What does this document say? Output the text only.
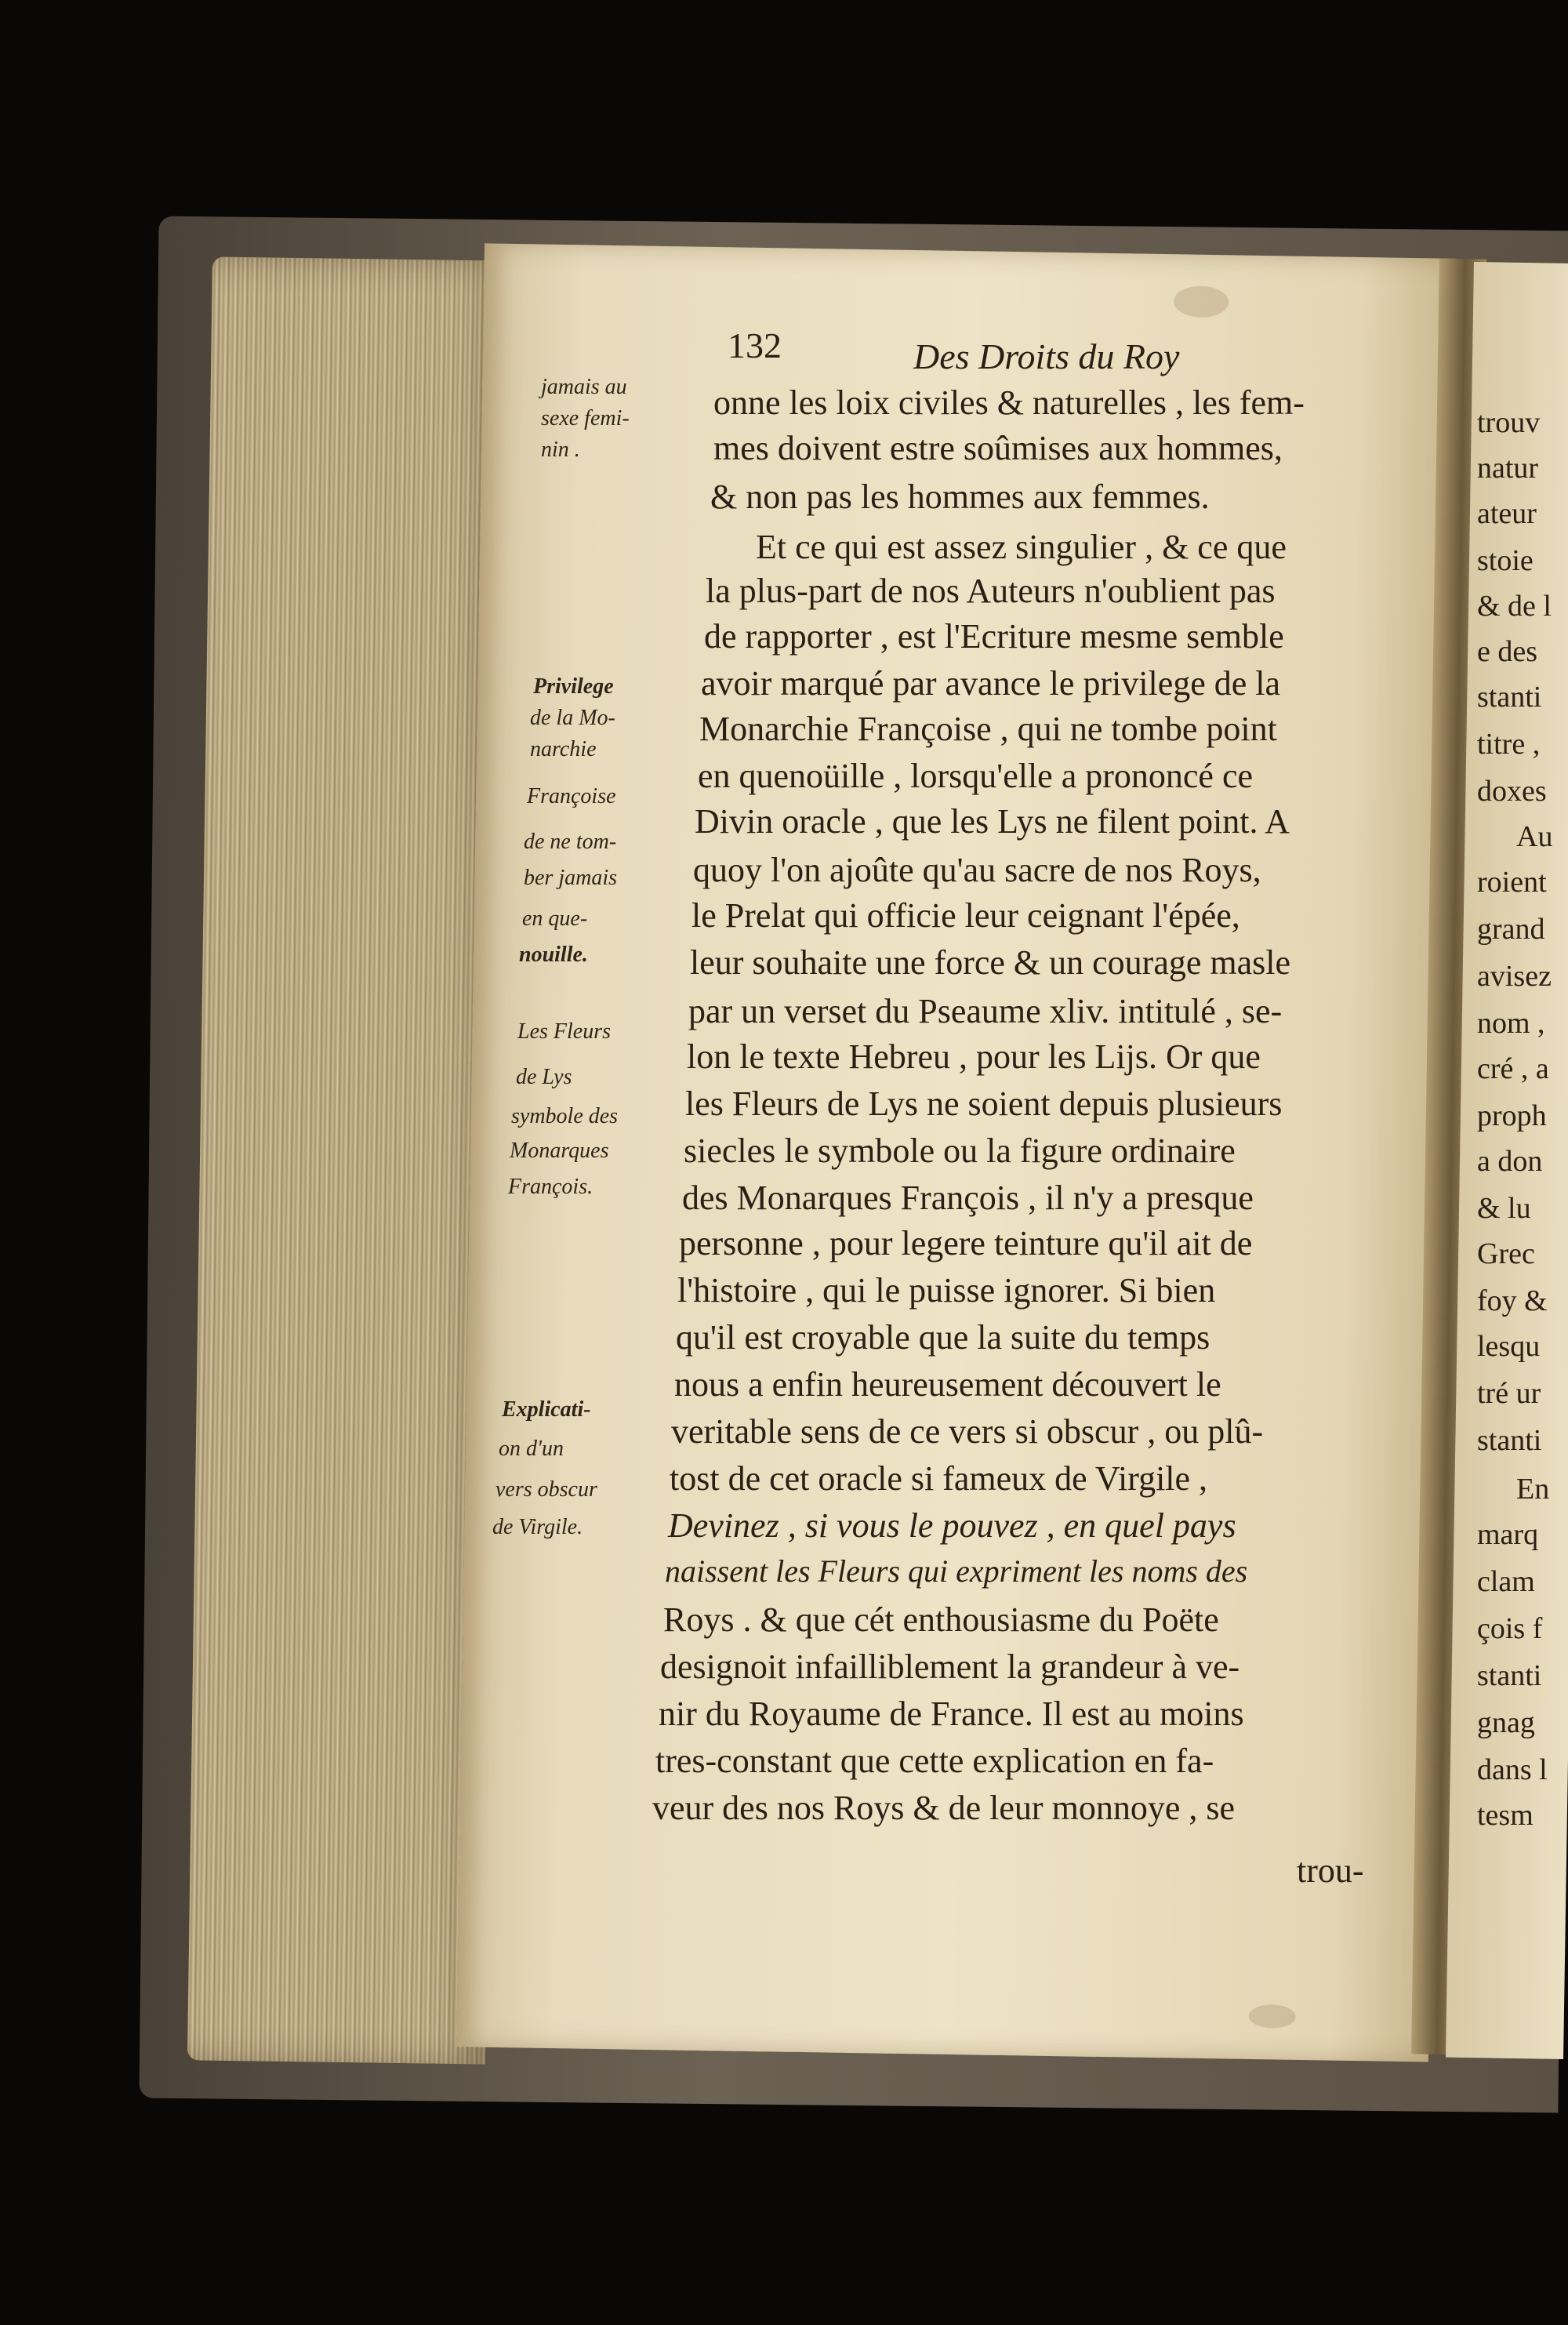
132	Des Droits du Roy
jamais au
sexe femi-
nin .
Privilege
de la Mo-
narchie
Françoise
de ne tom-
ber jamais
en que-
nouille.
Les Fleurs
de Lys
symbole des
Monarques
François.
Explicati-
on d'un
vers obscur
de Virgile.
onne les loix civiles & naturelles , les fem-
mes doivent estre soûmises aux hommes,
& non pas les hommes aux femmes.
Et ce qui est assez singulier , & ce que
la plus-part de nos Auteurs n'oublient pas
de rapporter , est l'Ecriture mesme semble
avoir marqué par avance le privilege de la
Monarchie Françoise , qui ne tombe point
en quenoüille , lorsqu'elle a prononcé ce
Divin oracle , que les Lys ne filent point. A
quoy l'on ajoûte qu'au sacre de nos Roys,
le Prelat qui officie leur ceignant l'épée,
leur souhaite une force & un courage masle
par un verset du Pseaume xliv. intitulé , se-
lon le texte Hebreu , pour les Lijs. Or que
les Fleurs de Lys ne soient depuis plusieurs
siecles le symbole ou la figure ordinaire
des Monarques François , il n'y a presque
personne , pour legere teinture qu'il ait de
l'histoire , qui le puisse ignorer. Si bien
qu'il est croyable que la suite du temps
nous a enfin heureusement découvert le
veritable sens de ce vers si obscur , ou plû-
tost de cet oracle si fameux de Virgile ,
Devinez , si vous le pouvez , en quel pays
naissent les Fleurs qui expriment les noms des
Roys . & que cét enthousiasme du Poëte
designoit infailliblement la grandeur à ve-
nir du Royaume de France. Il est au moins
tres-constant que cette explication en fa-
veur des nos Roys & de leur monnoye , se
trou-
trouv
natur
ateur
stoie
& de l
e des
stanti
titre ,
doxes
Au
roient
grand
avisez
nom ,
cré , a
proph
a don
& lu
Grec
foy &
lesqu
tré ur
stanti
En
marq
clam
çois f
stanti
gnag
dans l
tesm
